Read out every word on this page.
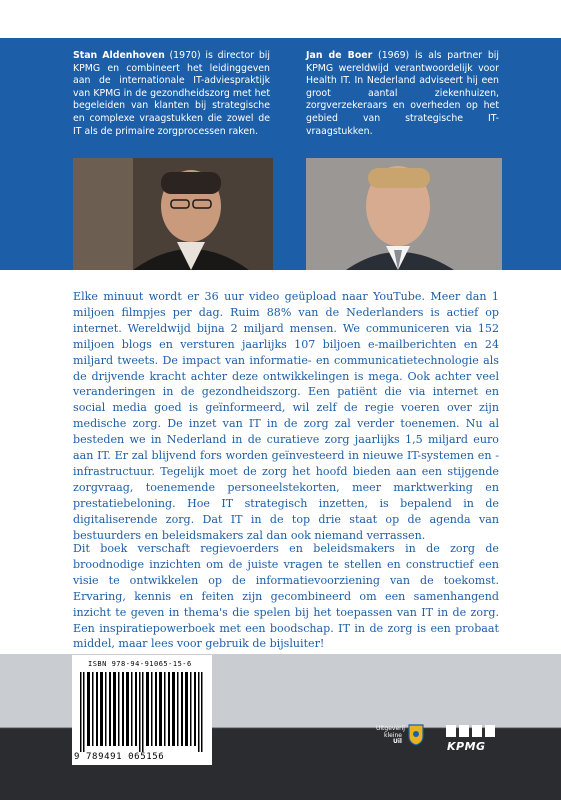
Stan Aldenhoven (1970) is director bij KPMG en combineert het leidinggeven aan de internationale IT-adviespraktijk van KPMG in de gezondheidszorg met het begeleiden van klanten bij strategische en complexe vraagstukken die zowel de IT als de primaire zorgprocessen raken.
Jan de Boer (1969) is als partner bij KPMG wereldwijd verantwoordelijk voor Health IT. In Nederland adviseert hij een groot aantal ziekenhuizen, zorgverzekeraars en overheden op het gebied van strategische IT-vraagstukken.
Elke minuut wordt er 36 uur video geüpload naar YouTube. Meer dan 1 miljoen filmpjes per dag. Ruim 88% van de Nederlanders is actief op internet. Wereldwijd bijna 2 miljard mensen. We communiceren via 152 miljoen blogs en versturen jaarlijks 107 biljoen e-mailberichten en 24 miljard tweets. De impact van informatie- en communicatietechnologie als de drijvende kracht achter deze ontwikkelingen is mega. Ook achter veel veranderingen in de gezondheidszorg. Een patiënt die via internet en social media goed is geïnformeerd, wil zelf de regie voeren over zijn medische zorg. De inzet van IT in de zorg zal verder toenemen. Nu al besteden we in Nederland in de curatieve zorg jaarlijks 1,5 miljard euro aan IT. Er zal blijvend fors worden geïnvesteerd in nieuwe IT-systemen en -infrastructuur. Tegelijk moet de zorg het hoofd bieden aan een stijgende zorgvraag, toenemende personeelstekorten, meer marktwerking en prestatiebeloning. Hoe IT strategisch inzetten, is bepalend in de digitaliserende zorg. Dat IT in de top drie staat op de agenda van bestuurders en beleidsmakers zal dan ook niemand verrassen.
Dit boek verschaft regievoerders en beleidsmakers in de zorg de broodnodige inzichten om de juiste vragen te stellen en constructief een visie te ontwikkelen op de informatievoorziening van de toekomst. Ervaring, kennis en feiten zijn gecombineerd om een samenhangend inzicht te geven in thema's die spelen bij het toepassen van IT in de zorg. Een inspiratiepowerboek met een boodschap. IT in de zorg is een probaat middel, maar lees voor gebruik de bijsluiter!
ISBN 978-94-91065-15-6
9 789491 065156
Uitgeverij
kleine
Uil	KPMG
